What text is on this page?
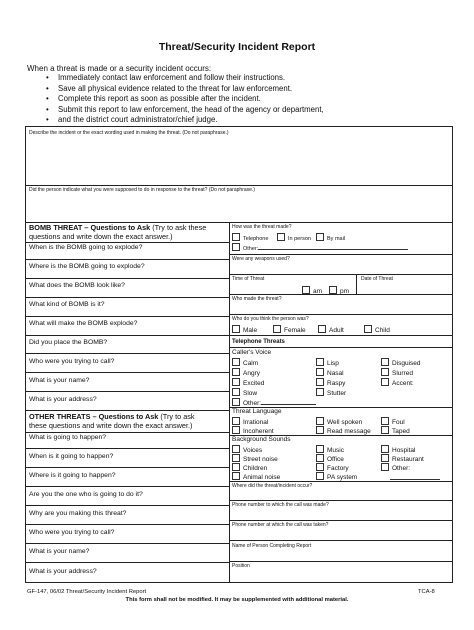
Threat/Security Incident Report
When a threat is made or a security incident occurs:
• Immediately contact law enforcement and follow their instructions.
• Save all physical evidence related to the threat for law enforcement.
• Complete this report as soon as possible after the incident.
• Submit this report to law enforcement, the head of the agency or department,
• and the district court administrator/chief judge.
Describe the incident or the exact wording used in making the threat. (Do not paraphrase.)
Did the person indicate what you were supposed to do in response to the threat? (Do not paraphrase.)
BOMB THREAT – Questions to Ask (Try to ask these
questions and write down the exact answer.)
When is the BOMB going to explode?
Where is the BOMB going to explode?
What does the BOMB look like?
What kind of BOMB is it?
What will make the BOMB explode?
Did you place the BOMB?
Who were you trying to call?
What is your name?
What is your address?
OTHER THREATS – Questions to Ask (Try to ask
these questions and write down the exact answer.)
What is going to happen?
When is it going to happen?
Where is it going to happen?
Are you the one who is going to do it?
Why are you making this threat?
Who were you trying to call?
What is your name?
What is your address?
How was the threat made?
Telephone	In person	By mail
Other:
Were any weapons used?
Time of Threat	Date of Threat
am	pm
Who made the threat?
Who do you think the person was?
Male	Female	Adult	Child
Telephone Threats
Caller's Voice
Calm	Lisp	Disguised
Angry	Nasal	Slurred
Excited	Raspy	Accent:
Slow	Stutter
Other:
Threat Language
Irrational	Well spoken	Foul
Incoherent	Read message	Taped
Background Sounds
Voices	Music	Hospital
Street noise	Office	Restaurant
Children	Factory	Other:
Animal noise	PA system
Where did the threat/incident occur?
Phone number to which the call was made?
Phone number at which the call was taken?
Name of Person Completing Report
Position
GF-147, 06/02 Threat/Security Incident Report	TCA-8
This form shall not be modified. It may be supplemented with additional material.
